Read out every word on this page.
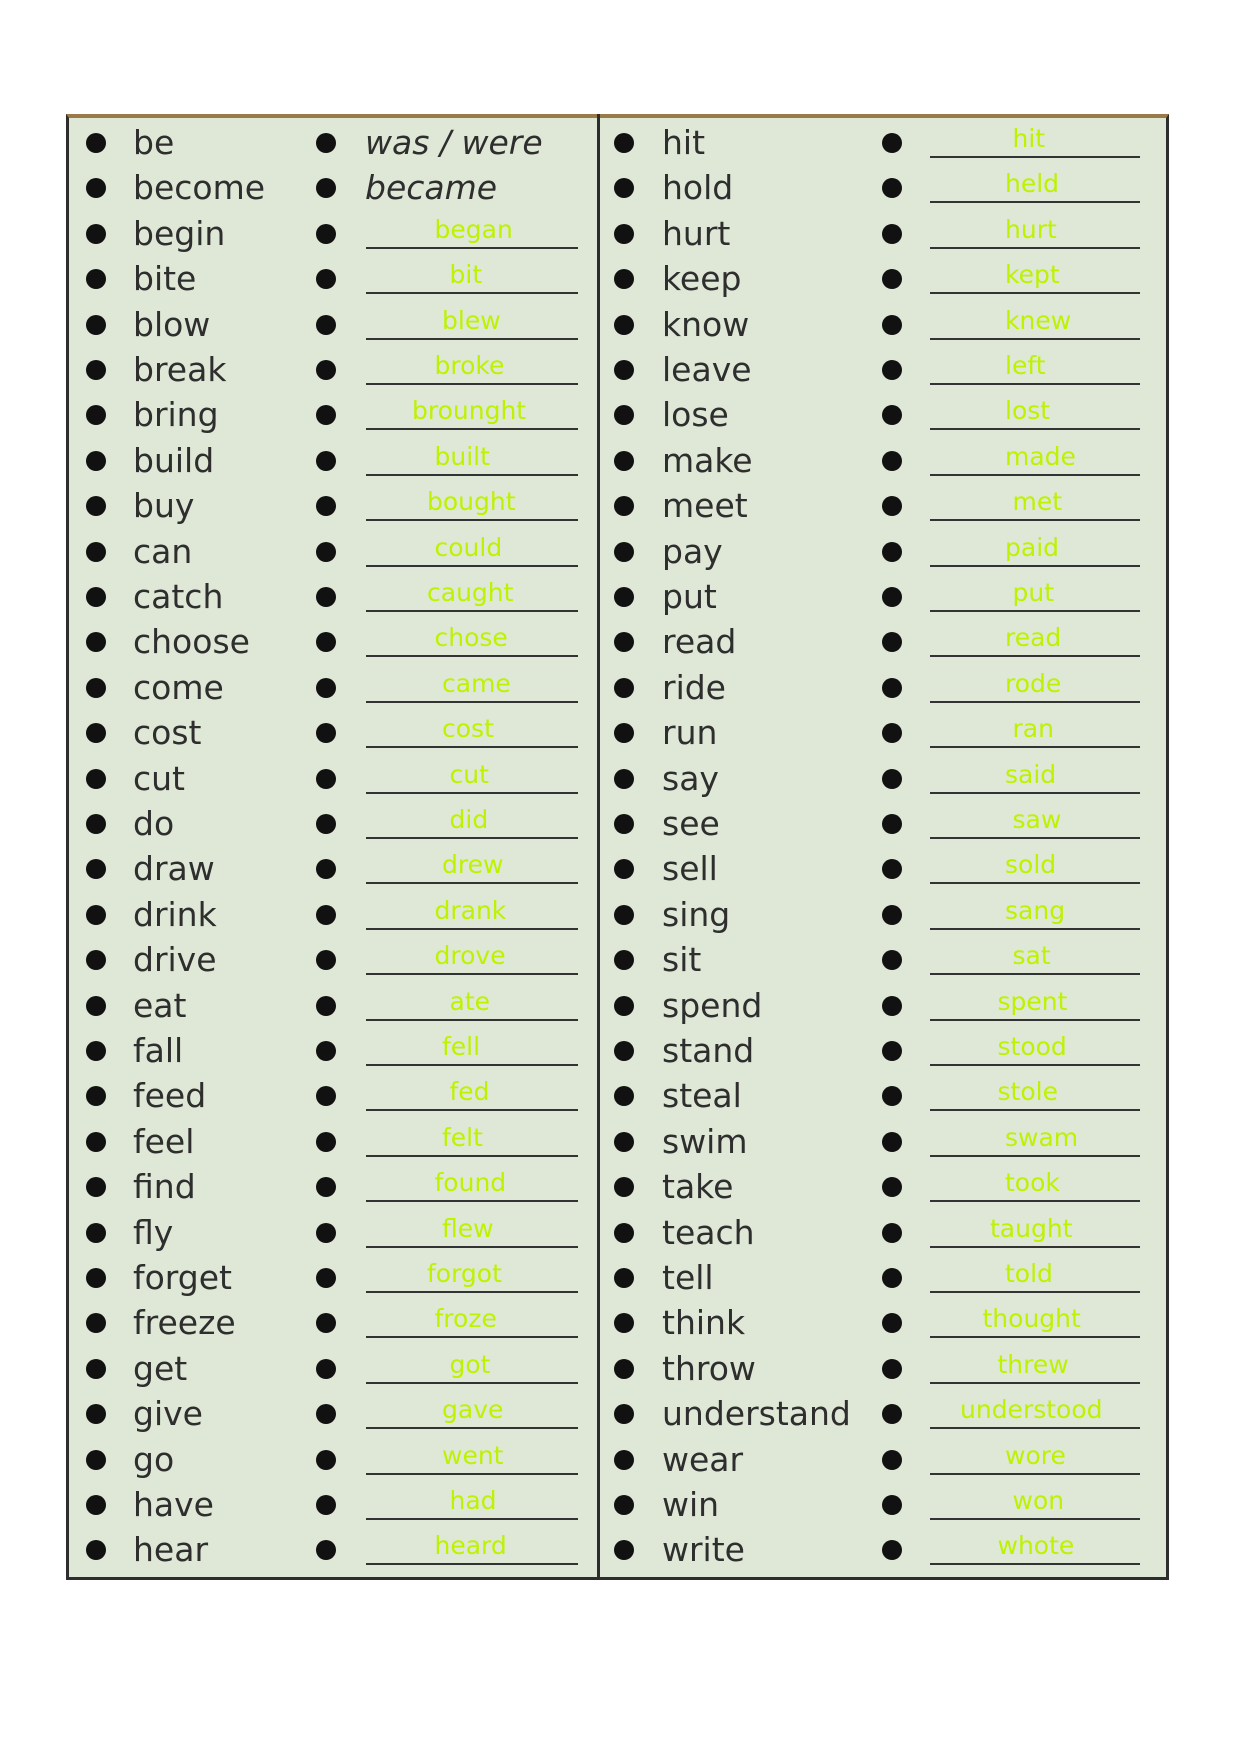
be	was / were
become	became
begin	began
bite	bit
blow	blew
break	broke
bring	brounght
build	built
buy	bought
can	could
catch	caught
choose	chose
come	came
cost	cost
cut	cut
do	did
draw	drew
drink	drank
drive	drove
eat	ate
fall	fell
feed	fed
feel	felt
find	found
fly	flew
forget	forgot
freeze	froze
get	got
give	gave
go	went
have	had
hear	heard
hit	hit
hold	held
hurt	hurt
keep	kept
know	knew
leave	left
lose	lost
make	made
meet	met
pay	paid
put	put
read	read
ride	rode
run	ran
say	said
see	saw
sell	sold
sing	sang
sit	sat
spend	spent
stand	stood
steal	stole
swim	swam
take	took
teach	taught
tell	told
think	thought
throw	threw
understand	understood
wear	wore
win	won
write	whote
